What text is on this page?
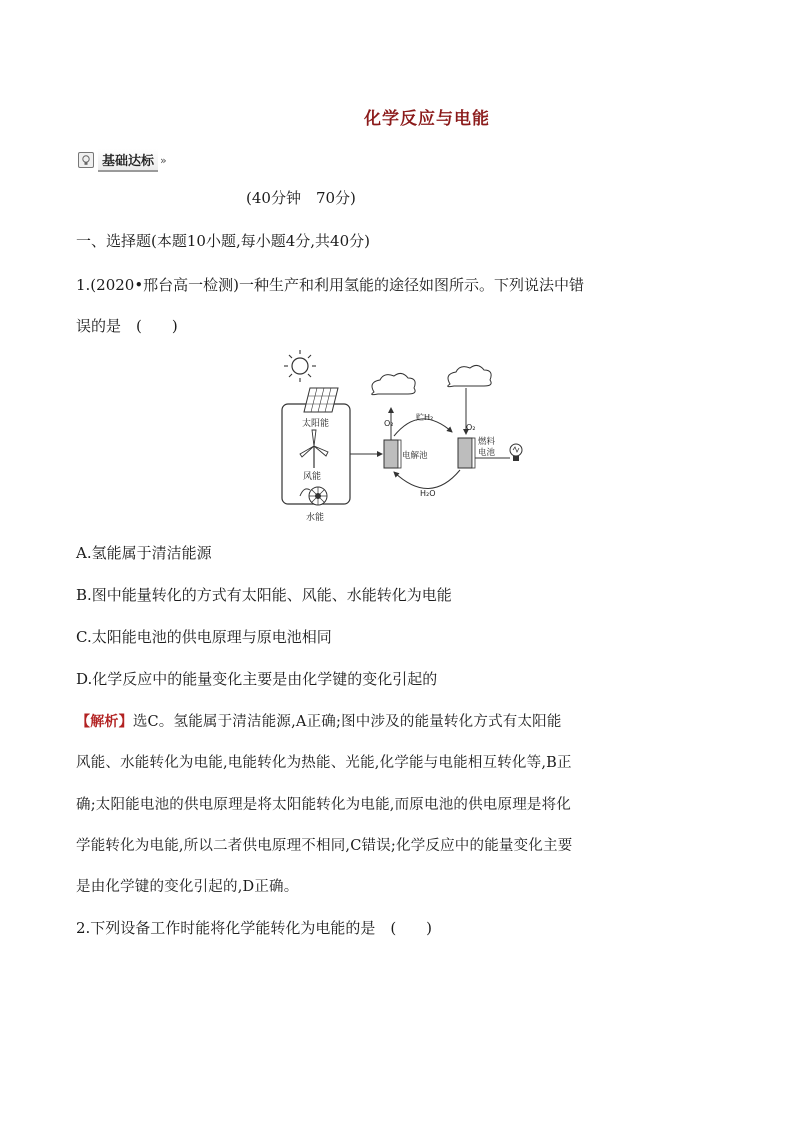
化学反应与电能
基础达标 »
(40分钟　70分)
一、选择题(本题10小题,每小题4分,共40分)
1.(2020•邢台高一检测)一种生产和利用氢能的途径如图所示。下列说法中错
误的是　(　　)
太阳能
风能
水能
电解池
O₂
贮H₂
O₂
燃料
电池
H₂O
A.氢能属于清洁能源
B.图中能量转化的方式有太阳能、风能、水能转化为电能
C.太阳能电池的供电原理与原电池相同
D.化学反应中的能量变化主要是由化学键的变化引起的
【解析】选C。氢能属于清洁能源,A正确;图中涉及的能量转化方式有太阳能
风能、水能转化为电能,电能转化为热能、光能,化学能与电能相互转化等,B正
确;太阳能电池的供电原理是将太阳能转化为电能,而原电池的供电原理是将化
学能转化为电能,所以二者供电原理不相同,C错误;化学反应中的能量变化主要
是由化学键的变化引起的,D正确。
2.下列设备工作时能将化学能转化为电能的是　(　　)
